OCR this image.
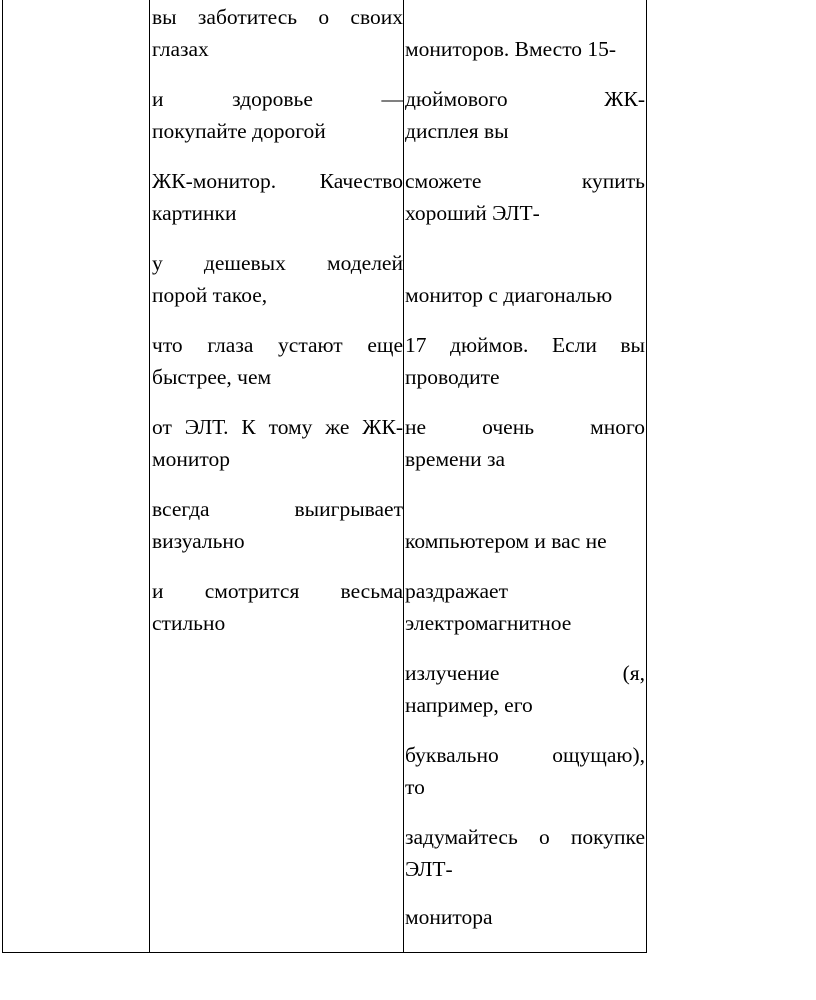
вы заботитесь о своих
глазах
и здоровье —
покупайте дорогой
ЖК-монитор. Качество
картинки
у дешевых моделей
порой такое,
что глаза устают еще
быстрее, чем
от ЭЛТ. К тому же ЖК-
монитор
всегда выигрывает
визуально
и смотрится весьма
стильно
мониторов. Вместо 15-
дюймового ЖК-
дисплея вы
сможете купить
хороший ЭЛТ-
монитор с диагональю
17 дюймов. Если вы
проводите
не очень много
времени за
компьютером и вас не
раздражает
электромагнитное
излучение (я,
например, его
буквально ощущаю),
то
задумайтесь о покупке
ЭЛТ-
монитора
